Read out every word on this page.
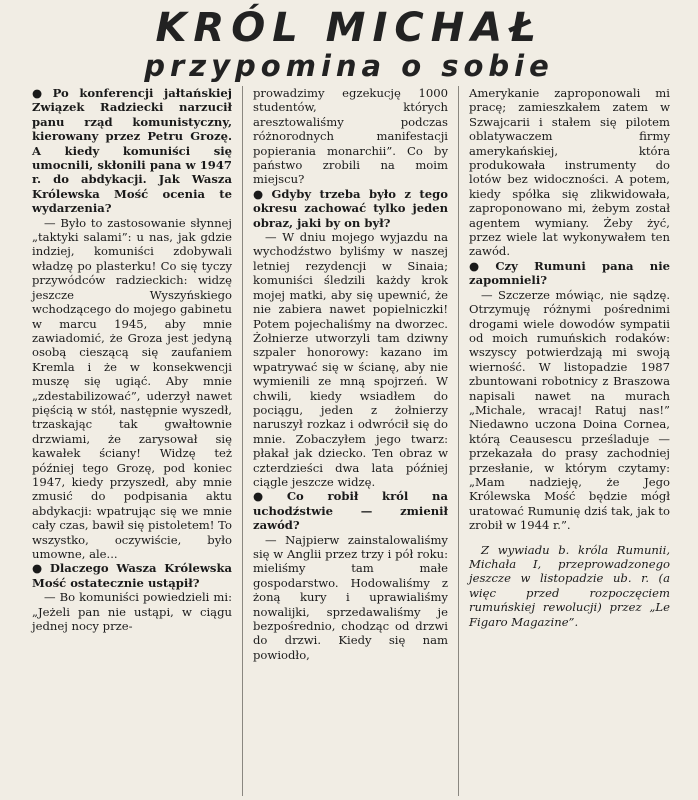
KRÓL MICHAŁ
przypomina o sobie

● Po konferencji jałtańskiej Związek Radziecki narzucił panu rząd komunistyczny, kierowany przez Petru Grozę. A kiedy komuniści się umocnili, skłonili pana w 1947 r. do abdykacji. Jak Wasza Królewska Mość ocenia te wydarzenia?

— Było to zastosowanie słynnej „taktyki salami”: u nas, jak gdzie indziej, komuniści zdobywali władzę po plasterku! Co się tyczy przywódców radzieckich: widzę jeszcze Wyszyńskiego wchodzącego do mojego gabinetu w marcu 1945, aby mnie zawiadomić, że Groza jest jedyną osobą cieszącą się zaufaniem Kremla i że w konsekwencji muszę się ugiąć. Aby mnie „zdestabilizować”, uderzył nawet pięścią w stół, następnie wyszedł, trzaskając tak gwałtownie drzwiami, że zarysował się kawałek ściany! Widzę też później tego Grozę, pod koniec 1947, kiedy przyszedł, aby mnie zmusić do podpisania aktu abdykacji: wpatrując się we mnie cały czas, bawił się pistoletem! To wszystko, oczywiście, było umowne, ale...

● Dlaczego Wasza Królewska Mość ostatecznie ustąpił?

— Bo komuniści powiedzieli mi: „Jeżeli pan nie ustąpi, w ciągu jednej nocy prze-

prowadzimy egzekucję 1000 studentów, których aresztowaliśmy podczas różnorodnych manifestacji popierania monarchii”. Co by państwo zrobili na moim miejscu?

● Gdyby trzeba było z tego okresu zachować tylko jeden obraz, jaki by on był?

— W dniu mojego wyjazdu na wychodźstwo byliśmy w naszej letniej rezydencji w Sinaia; komuniści śledzili każdy krok mojej matki, aby się upewnić, że nie zabiera nawet popielniczki! Potem pojechaliśmy na dworzec. Żołnierze utworzyli tam dziwny szpaler honorowy: kazano im wpatrywać się w ścianę, aby nie wymienili ze mną spojrzeń. W chwili, kiedy wsiadłem do pociągu, jeden z żołnierzy naruszył rozkaz i odwrócił się do mnie. Zobaczyłem jego twarz: płakał jak dziecko. Ten obraz w czterdzieści dwa lata później ciągle jeszcze widzę.

● Co robił król na uchodźstwie — zmienił zawód?

— Najpierw zainstalowaliśmy się w Anglii przez trzy i pół roku: mieliśmy tam małe gospodarstwo. Hodowaliśmy z żoną kury i uprawialiśmy nowalijki, sprzedawaliśmy je bezpośrednio, chodząc od drzwi do drzwi. Kiedy się nam powiodło,

Amerykanie zaproponowali mi pracę; zamieszkałem zatem w Szwajcarii i stałem się pilotem oblatywaczem firmy amerykańskiej, która produkowała instrumenty do lotów bez widoczności. A potem, kiedy spółka się zlikwidowała, zaproponowano mi, żebym został agentem wymiany. Żeby żyć, przez wiele lat wykonywałem ten zawód.

● Czy Rumuni pana nie zapomnieli?

— Szczerze mówiąc, nie sądzę. Otrzymuję różnymi pośrednimi drogami wiele dowodów sympatii od moich rumuńskich rodaków: wszyscy potwierdzają mi swoją wierność. W listopadzie 1987 zbuntowani robotnicy z Braszowa napisali nawet na murach „Michale, wracaj! Ratuj nas!” Niedawno uczona Doina Cornea, którą Ceausescu prześladuje — przekazała do prasy zachodniej przesłanie, w którym czytamy: „Mam nadzieję, że Jego Królewska Mość będzie mógł uratować Rumunię dziś tak, jak to zrobił w 1944 r.”.

Z wywiadu b. króla Rumunii, Michała I, przeprowadzonego jeszcze w listopadzie ub. r. (a więc przed rozpoczęciem rumuńskiej rewolucji) przez „Le Figaro Magazine”.
